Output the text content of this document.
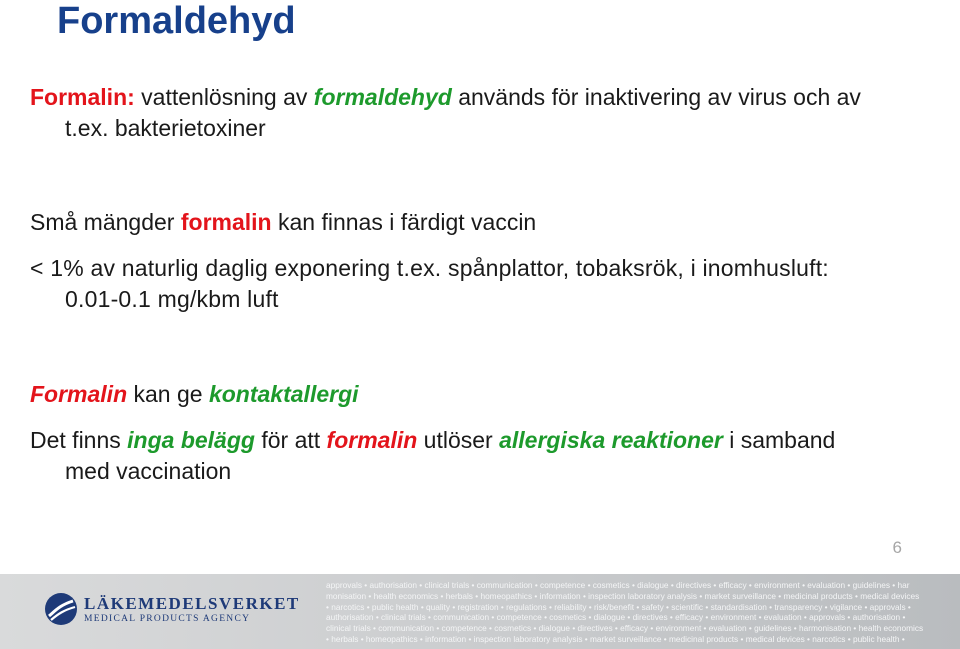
Formaldehyd
Formalin: vattenlösning av formaldehyd används för inaktivering av virus och av t.ex. bakterietoxiner
Små mängder formalin kan finnas i färdigt vaccin
< 1% av naturlig daglig exponering t.ex. spånplattor, tobaksrök, i inomhusluft: 0.01-0.1 mg/kbm luft
Formalin kan ge kontaktallergi
Det finns inga belägg för att formalin utlöser allergiska reaktioner i samband med vaccination
6
LÄKEMEDELSVERKET
MEDICAL PRODUCTS AGENCY
approvals • authorisation • clinical trials • communication • competence • cosmetics • dialogue • directives • efficacy • environment • evaluation • guidelines • har
monisation • health economics • herbals • homeopathics • information • inspection laboratory analysis • market surveillance • medicinal products • medical devices
• narcotics • public health • quality • registration • regulations • reliability • risk/benefit • safety • scientific • standardisation • transparency • vigilance • approvals •
authorisation • clinical trials • communication • competence • cosmetics • dialogue • directives • efficacy • environment • evaluation • approvals • authorisation •
clinical trials • communication • competence • cosmetics • dialogue • directives • efficacy • environment • evaluation • guidelines • harmonisation • health economics
• herbals • homeopathics • information • inspection laboratory analysis • market surveillance • medicinal products • medical devices • narcotics • public health •
